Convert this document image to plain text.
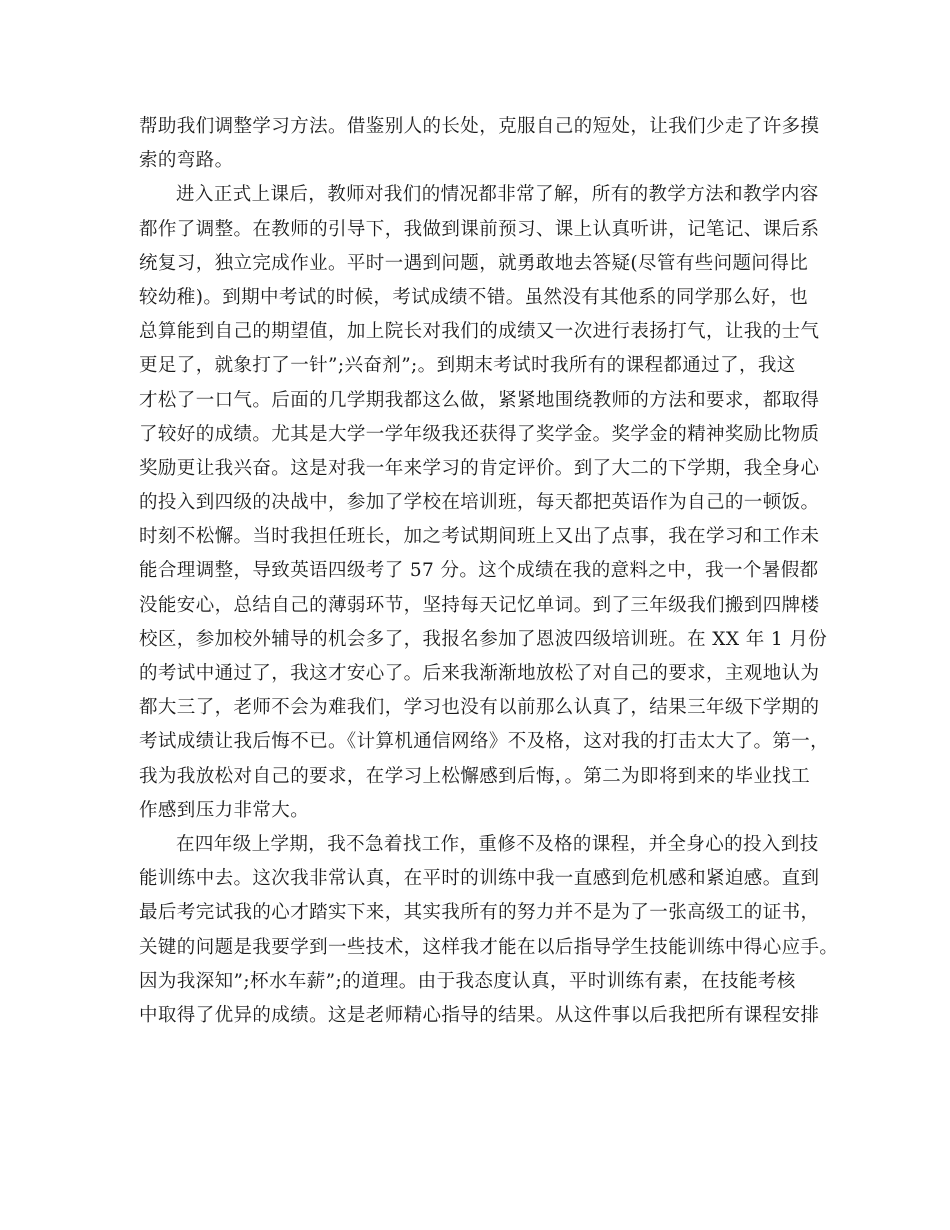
帮助我们调整学习方法。借鉴别人的长处，克服自己的短处，让我们少走了许多摸
索的弯路。
进入正式上课后，教师对我们的情况都非常了解，所有的教学方法和教学内容
都作了调整。在教师的引导下，我做到课前预习、课上认真听讲，记笔记、课后系
统复习，独立完成作业。平时一遇到问题，就勇敢地去答疑(尽管有些问题问得比
较幼稚)。到期中考试的时候，考试成绩不错。虽然没有其他系的同学那么好，也
总算能到自己的期望值，加上院长对我们的成绩又一次进行表扬打气，让我的士气
更足了，就象打了一针”;兴奋剂”;。到期末考试时我所有的课程都通过了，我这
才松了一口气。后面的几学期我都这么做，紧紧地围绕教师的方法和要求，都取得
了较好的成绩。尤其是大学一学年级我还获得了奖学金。奖学金的精神奖励比物质
奖励更让我兴奋。这是对我一年来学习的肯定评价。到了大二的下学期，我全身心
的投入到四级的决战中，参加了学校在培训班，每天都把英语作为自己的一顿饭。
时刻不松懈。当时我担任班长，加之考试期间班上又出了点事，我在学习和工作未
能合理调整，导致英语四级考了 57 分。这个成绩在我的意料之中，我一个暑假都
没能安心，总结自己的薄弱环节，坚持每天记忆单词。到了三年级我们搬到四牌楼
校区，参加校外辅导的机会多了，我报名参加了恩波四级培训班。在 XX 年 1 月份
的考试中通过了，我这才安心了。后来我渐渐地放松了对自己的要求，主观地认为
都大三了，老师不会为难我们，学习也没有以前那么认真了，结果三年级下学期的
考试成绩让我后悔不已。《计算机通信网络》不及格，这对我的打击太大了。第一，
我为我放松对自己的要求，在学习上松懈感到后悔，。第二为即将到来的毕业找工
作感到压力非常大。
在四年级上学期，我不急着找工作，重修不及格的课程，并全身心的投入到技
能训练中去。这次我非常认真，在平时的训练中我一直感到危机感和紧迫感。直到
最后考完试我的心才踏实下来，其实我所有的努力并不是为了一张高级工的证书，
关键的问题是我要学到一些技术，这样我才能在以后指导学生技能训练中得心应手。
因为我深知”;杯水车薪”;的道理。由于我态度认真，平时训练有素，在技能考核
中取得了优异的成绩。这是老师精心指导的结果。从这件事以后我把所有课程安排
